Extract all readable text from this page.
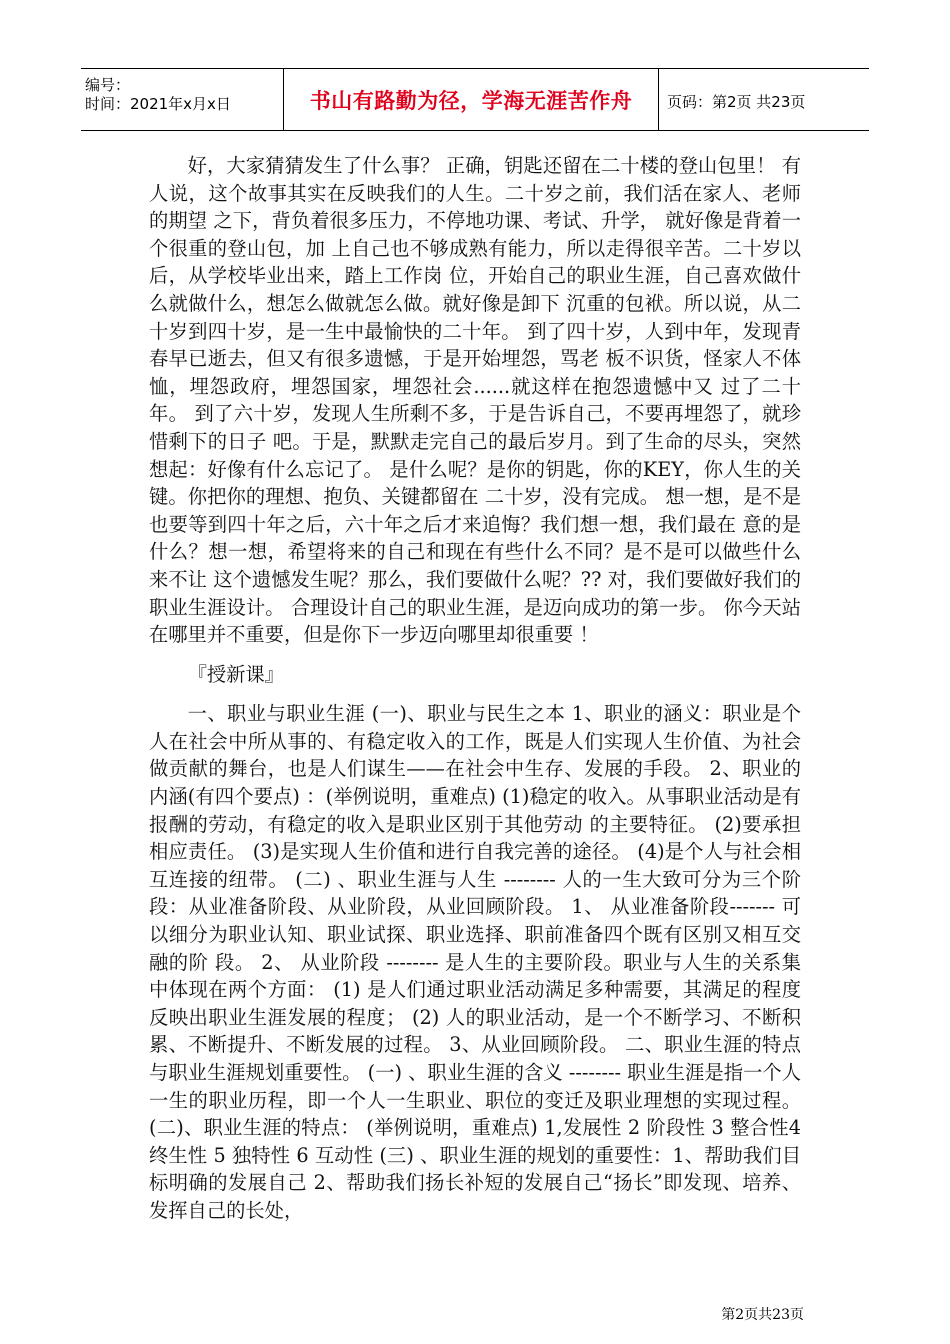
编号：
时间：2021年x月x日	书山有路勤为径，学海无涯苦作舟	页码：第2页 共23页

好，大家猜猜发生了什么事？ 正确，钥匙还留在二十楼的登山包里！ 有人说，这个故事其实在反映我们的人生。二十岁之前，我们活在家人、老师的期望 之下，背负着很多压力，不停地功课、考试、升学， 就好像是背着一个很重的登山包，加 上自己也不够成熟有能力，所以走得很辛苦。二十岁以后，从学校毕业出来，踏上工作岗 位，开始自己的职业生涯，自己喜欢做什么就做什么，想怎么做就怎么做。就好像是卸下 沉重的包袱。所以说，从二十岁到四十岁，是一生中最愉快的二十年。 到了四十岁，人到中年，发现青春早已逝去，但又有很多遗憾，于是开始埋怨，骂老 板不识货，怪家人不体恤，埋怨政府，埋怨国家，埋怨社会......就这样在抱怨遗憾中又 过了二十年。 到了六十岁，发现人生所剩不多，于是告诉自己，不要再埋怨了，就珍惜剩下的日子 吧。于是，默默走完自己的最后岁月。到了生命的尽头，突然想起：好像有什么忘记了。 是什么呢？是你的钥匙，你的KEY，你人生的关键。你把你的理想、抱负、关键都留在 二十岁，没有完成。 想一想，是不是也要等到四十年之后，六十年之后才来追悔？我们想一想，我们最在 意的是什么？想一想，希望将来的自己和现在有些什么不同？是不是可以做些什么来不让 这个遗憾发生呢？那么，我们要做什么呢？?? 对，我们要做好我们的职业生涯设计。 合理设计自己的职业生涯，是迈向成功的第一步。 你今天站在哪里并不重要，但是你下一步迈向哪里却很重要 ！

『授新课』

一、职业与职业生涯 (一)、职业与民生之本 1、职业的涵义：职业是个人在社会中所从事的、有稳定收入的工作，既是人们实现人生价值、为社会 做贡献的舞台，也是人们谋生——在社会中生存、发展的手段。 2、职业的内涵(有四个要点) ：(举例说明，重难点) (1)稳定的收入。从事职业活动是有报酬的劳动，有稳定的收入是职业区别于其他劳动 的主要特征。 (2)要承担相应责任。 (3)是实现人生价值和进行自我完善的途径。 (4)是个人与社会相互连接的纽带。 (二) 、职业生涯与人生 -------- 人的一生大致可分为三个阶段：从业准备阶段、从业阶段，从业回顾阶段。 1、 从业准备阶段------- 可以细分为职业认知、职业试探、职业选择、职前准备四个既有区别又相互交融的阶 段。 2、 从业阶段 -------- 是人生的主要阶段。职业与人生的关系集中体现在两个方面： (1) 是人们通过职业活动满足多种需要，其满足的程度反映出职业生涯发展的程度； (2) 人的职业活动，是一个不断学习、不断积累、不断提升、不断发展的过程。 3、从业回顾阶段。 二、职业生涯的特点与职业生涯规划重要性。 (一) 、职业生涯的含义 -------- 职业生涯是指一个人一生的职业历程，即一个人一生职业、职位的变迁及职业理想的实现过程。 (二)、职业生涯的特点： (举例说明，重难点) 1,发展性 2 阶段性 3 整合性4 终生性 5 独特性 6 互动性 (三) 、职业生涯的规划的重要性：1、帮助我们目标明确的发展自己 2、帮助我们扬长补短的发展自己“扬长”即发现、培养、发挥自己的长处，

第2页共23页
